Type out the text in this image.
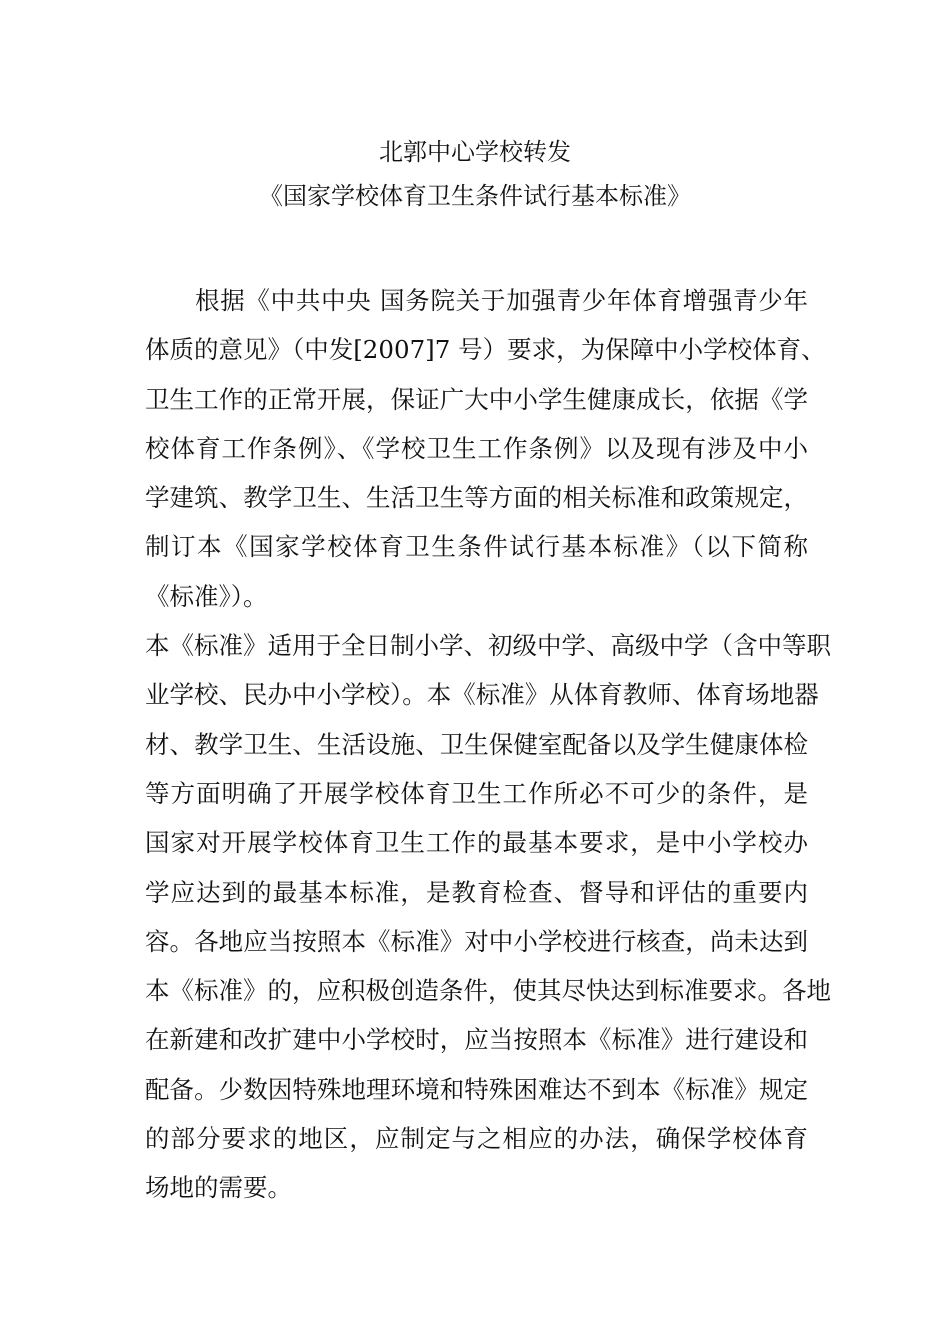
北郭中心学校转发
《国家学校体育卫生条件试行基本标准》
根据《中共中央 国务院关于加强青少年体育增强青少年
体质的意见》（中发[2007]7 号）要求，为保障中小学校体育、
卫生工作的正常开展，保证广大中小学生健康成长，依据《学
校体育工作条例》、《学校卫生工作条例》以及现有涉及中小
学建筑、教学卫生、生活卫生等方面的相关标准和政策规定，
制订本《国家学校体育卫生条件试行基本标准》（以下简称
《标准》）。
本《标准》适用于全日制小学、初级中学、高级中学（含中等职
业学校、民办中小学校）。本《标准》从体育教师、体育场地器
材、教学卫生、生活设施、卫生保健室配备以及学生健康体检
等方面明确了开展学校体育卫生工作所必不可少的条件，是
国家对开展学校体育卫生工作的最基本要求，是中小学校办
学应达到的最基本标准，是教育检查、督导和评估的重要内
容。各地应当按照本《标准》对中小学校进行核查，尚未达到
本《标准》的，应积极创造条件，使其尽快达到标准要求。各地
在新建和改扩建中小学校时，应当按照本《标准》进行建设和
配备。少数因特殊地理环境和特殊困难达不到本《标准》规定
的部分要求的地区，应制定与之相应的办法，确保学校体育
场地的需要。
